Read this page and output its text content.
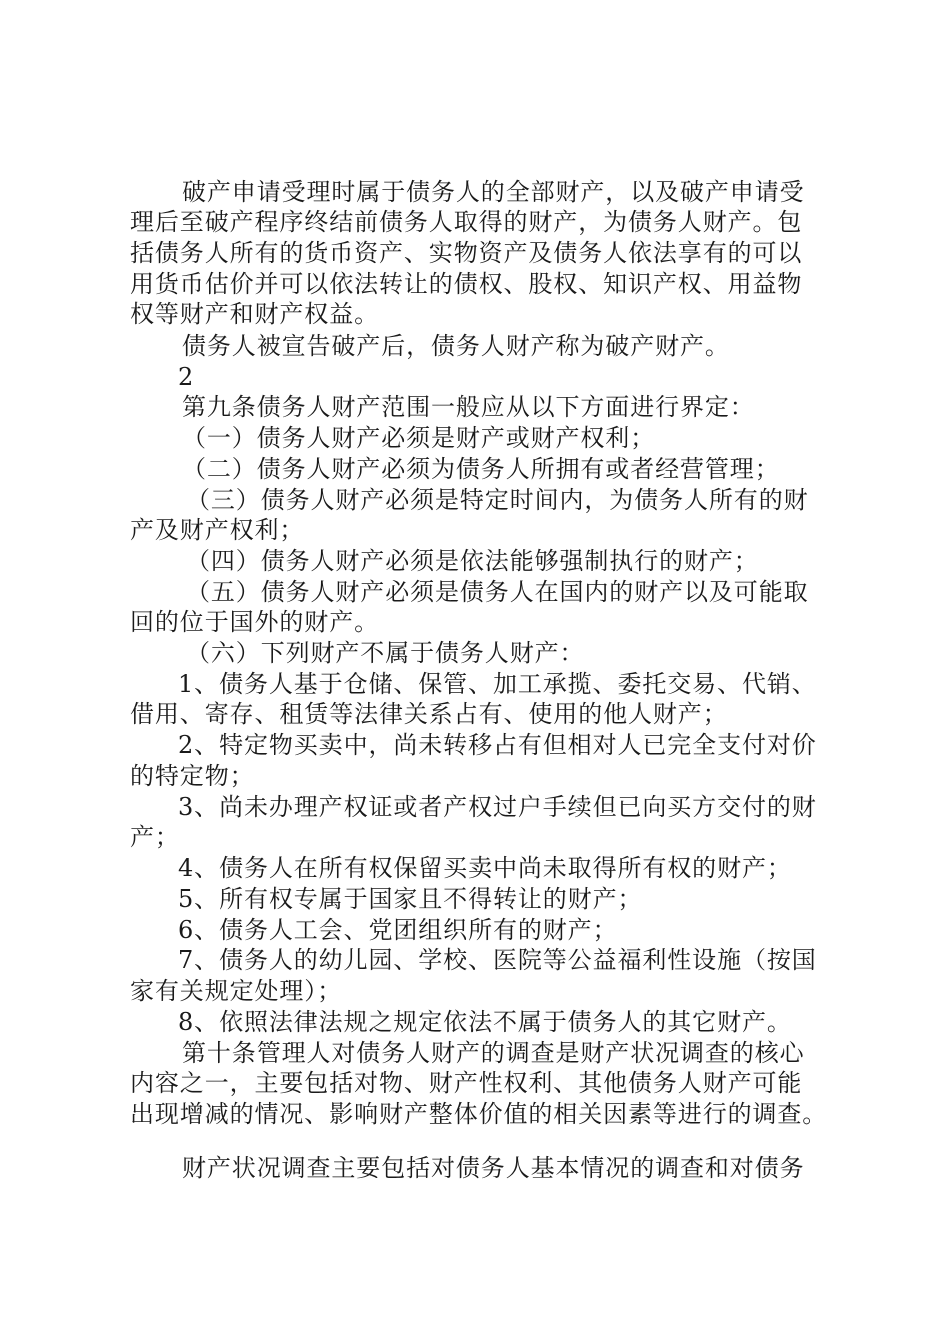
破产申请受理时属于债务人的全部财产，以及破产申请受
理后至破产程序终结前债务人取得的财产，为债务人财产。包
括债务人所有的货币资产、实物资产及债务人依法享有的可以
用货币估价并可以依法转让的债权、股权、知识产权、用益物
权等财产和财产权益。
债务人被宣告破产后，债务人财产称为破产财产。
2
第九条债务人财产范围一般应从以下方面进行界定：
（一）债务人财产必须是财产或财产权利；
（二）债务人财产必须为债务人所拥有或者经营管理；
（三）债务人财产必须是特定时间内，为债务人所有的财
产及财产权利；
（四）债务人财产必须是依法能够强制执行的财产；
（五）债务人财产必须是债务人在国内的财产以及可能取
回的位于国外的财产。
（六）下列财产不属于债务人财产：
1、债务人基于仓储、保管、加工承揽、委托交易、代销、
借用、寄存、租赁等法律关系占有、使用的他人财产；
2、特定物买卖中，尚未转移占有但相对人已完全支付对价
的特定物；
3、尚未办理产权证或者产权过户手续但已向买方交付的财
产；
4、债务人在所有权保留买卖中尚未取得所有权的财产；
5、所有权专属于国家且不得转让的财产；
6、债务人工会、党团组织所有的财产；
7、债务人的幼儿园、学校、医院等公益福利性设施（按国
家有关规定处理）；
8、依照法律法规之规定依法不属于债务人的其它财产。
第十条管理人对债务人财产的调查是财产状况调查的核心
内容之一，主要包括对物、财产性权利、其他债务人财产可能
出现增减的情况、影响财产整体价值的相关因素等进行的调查。
财产状况调查主要包括对债务人基本情况的调查和对债务
